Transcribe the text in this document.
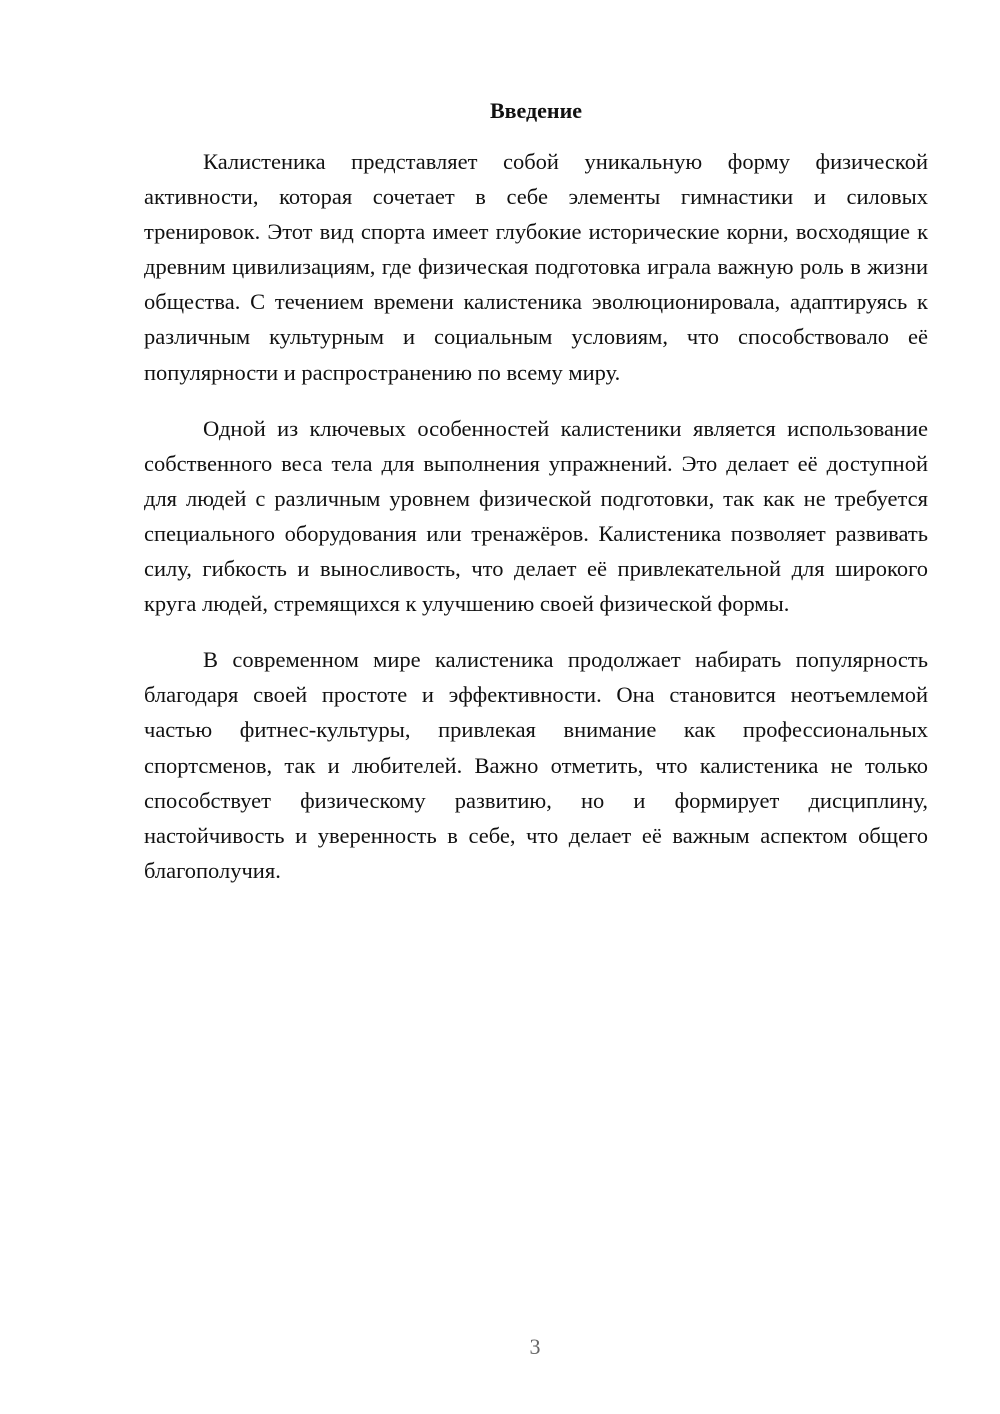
Введение

Калистеника представляет собой уникальную форму физической активности, которая сочетает в себе элементы гимнастики и силовых тренировок. Этот вид спорта имеет глубокие исторические корни, восходящие к древним цивилизациям, где физическая подготовка играла важную роль в жизни общества. С течением времени калистеника эволюционировала, адаптируясь к различным культурным и социальным условиям, что способствовало её популярности и распространению по всему миру.

Одной из ключевых особенностей калистеники является использование собственного веса тела для выполнения упражнений. Это делает её доступной для людей с различным уровнем физической подготовки, так как не требуется специального оборудования или тренажёров. Калистеника позволяет развивать силу, гибкость и выносливость, что делает её привлекательной для широкого круга людей, стремящихся к улучшению своей физической формы.

В современном мире калистеника продолжает набирать популярность благодаря своей простоте и эффективности. Она становится неотъемлемой частью фитнес-культуры, привлекая внимание как профессиональных спортсменов, так и любителей. Важно отметить, что калистеника не только способствует физическому развитию, но и формирует дисциплину, настойчивость и уверенность в себе, что делает её важным аспектом общего благополучия.

3
